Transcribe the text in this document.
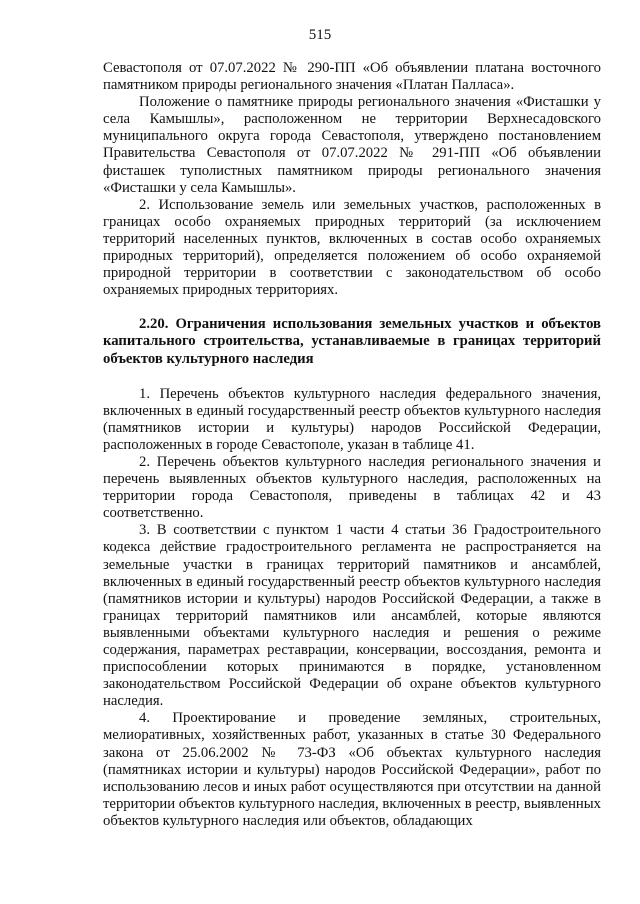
515

Севастополя от 07.07.2022 № 290-ПП «Об объявлении платана восточного памятником природы регионального значения «Платан Палласа».

Положение о памятнике природы регионального значения «Фисташки у села Камышлы», расположенном не территории Верхнесадовского муниципального округа города Севастополя, утверждено постановлением Правительства Севастополя от 07.07.2022 № 291-ПП «Об объявлении фисташек туполистных памятником природы регионального значения «Фисташки у села Камышлы».

2. Использование земель или земельных участков, расположенных в границах особо охраняемых природных территорий (за исключением территорий населенных пунктов, включенных в состав особо охраняемых природных территорий), определяется положением об особо охраняемой природной территории в соответствии с законодательством об особо охраняемых природных территориях.

2.20. Ограничения использования земельных участков и объектов капитального строительства, устанавливаемые в границах территорий объектов культурного наследия

1. Перечень объектов культурного наследия федерального значения, включенных в единый государственный реестр объектов культурного наследия (памятников истории и культуры) народов Российской Федерации, расположенных в городе Севастополе, указан в таблице 41.

2. Перечень объектов культурного наследия регионального значения и перечень выявленных объектов культурного наследия, расположенных на территории города Севастополя, приведены в таблицах 42 и 43 соответственно.

3. В соответствии с пунктом 1 части 4 статьи 36 Градостроительного кодекса действие градостроительного регламента не распространяется на земельные участки в границах территорий памятников и ансамблей, включенных в единый государственный реестр объектов культурного наследия (памятников истории и культуры) народов Российской Федерации, а также в границах территорий памятников или ансамблей, которые являются выявленными объектами культурного наследия и решения о режиме содержания, параметрах реставрации, консервации, воссоздания, ремонта и приспособлении которых принимаются в порядке, установленном законодательством Российской Федерации об охране объектов культурного наследия.

4. Проектирование и проведение земляных, строительных, мелиоративных, хозяйственных работ, указанных в статье 30 Федерального закона от 25.06.2002 № 73-ФЗ «Об объектах культурного наследия (памятниках истории и культуры) народов Российской Федерации», работ по использованию лесов и иных работ осуществляются при отсутствии на данной территории объектов культурного наследия, включенных в реестр, выявленных объектов культурного наследия или объектов, обладающих
